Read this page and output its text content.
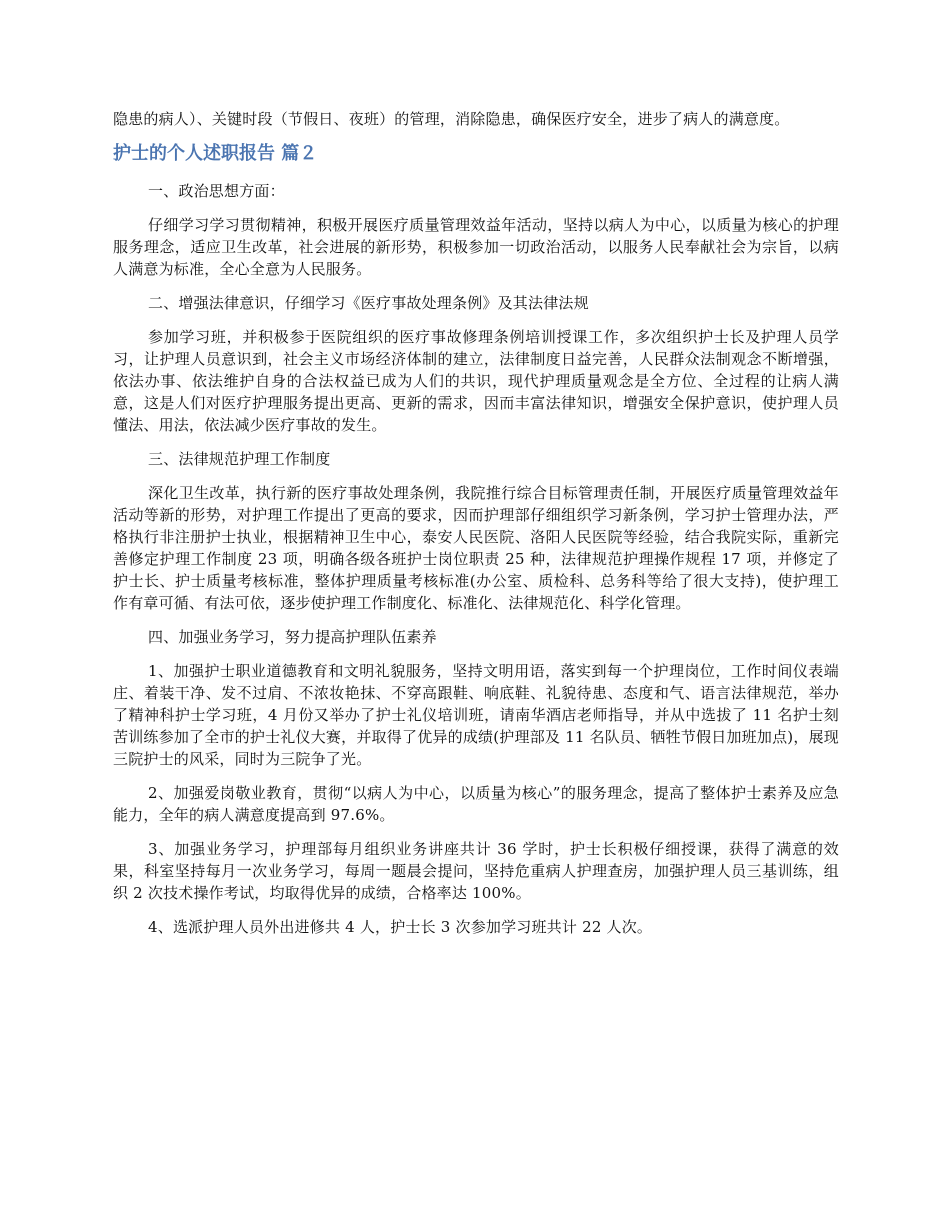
隐患的病人）、关键时段（节假日、夜班）的管理，消除隐患，确保医疗安全，进步了病人的满意度。

护士的个人述职报告 篇２

一、政治思想方面：

仔细学习学习贯彻精神，积极开展医疗质量管理效益年活动，坚持以病人为中心，以质量为核心的护理服务理念，适应卫生改革，社会进展的新形势，积极参加一切政治活动，以服务人民奉献社会为宗旨，以病人满意为标准，全心全意为人民服务。

二、增强法律意识，仔细学习《医疗事故处理条例》及其法律法规

参加学习班，并积极参于医院组织的医疗事故修理条例培训授课工作，多次组织护士长及护理人员学习，让护理人员意识到，社会主义市场经济体制的建立，法律制度日益完善，人民群众法制观念不断增强，依法办事、依法维护自身的合法权益已成为人们的共识，现代护理质量观念是全方位、全过程的让病人满意，这是人们对医疗护理服务提出更高、更新的需求，因而丰富法律知识，增强安全保护意识，使护理人员懂法、用法，依法减少医疗事故的发生。

三、法律规范护理工作制度

深化卫生改革，执行新的医疗事故处理条例，我院推行综合目标管理责任制，开展医疗质量管理效益年活动等新的形势，对护理工作提出了更高的要求，因而护理部仔细组织学习新条例，学习护士管理办法，严格执行非注册护士执业，根据精神卫生中心，泰安人民医院、洛阳人民医院等经验，结合我院实际，重新完善修定护理工作制度 23 项，明确各级各班护士岗位职责 25 种，法律规范护理操作规程 17 项，并修定了护士长、护士质量考核标准，整体护理质量考核标准(办公室、质检科、总务科等给了很大支持)，使护理工作有章可循、有法可依，逐步使护理工作制度化、标准化、法律规范化、科学化管理。

四、加强业务学习，努力提高护理队伍素养

1、加强护士职业道德教育和文明礼貌服务，坚持文明用语，落实到每一个护理岗位，工作时间仪表端庄、着装干净、发不过肩、不浓妆艳抹、不穿高跟鞋、响底鞋、礼貌待患、态度和气、语言法律规范，举办了精神科护士学习班，4 月份又举办了护士礼仪培训班，请南华酒店老师指导，并从中选拔了 11 名护士刻苦训练参加了全市的护士礼仪大赛，并取得了优异的成绩(护理部及 11 名队员、牺牲节假日加班加点)，展现三院护士的风采，同时为三院争了光。

2、加强爱岗敬业教育，贯彻“以病人为中心，以质量为核心”的服务理念，提高了整体护士素养及应急能力，全年的病人满意度提高到 97.6%。

3、加强业务学习，护理部每月组织业务讲座共计 36 学时，护士长积极仔细授课，获得了满意的效果，科室坚持每月一次业务学习，每周一题晨会提问，坚持危重病人护理查房，加强护理人员三基训练，组织 2 次技术操作考试，均取得优异的成绩，合格率达 100%。

4、选派护理人员外出进修共 4 人，护士长 3 次参加学习班共计 22 人次。
